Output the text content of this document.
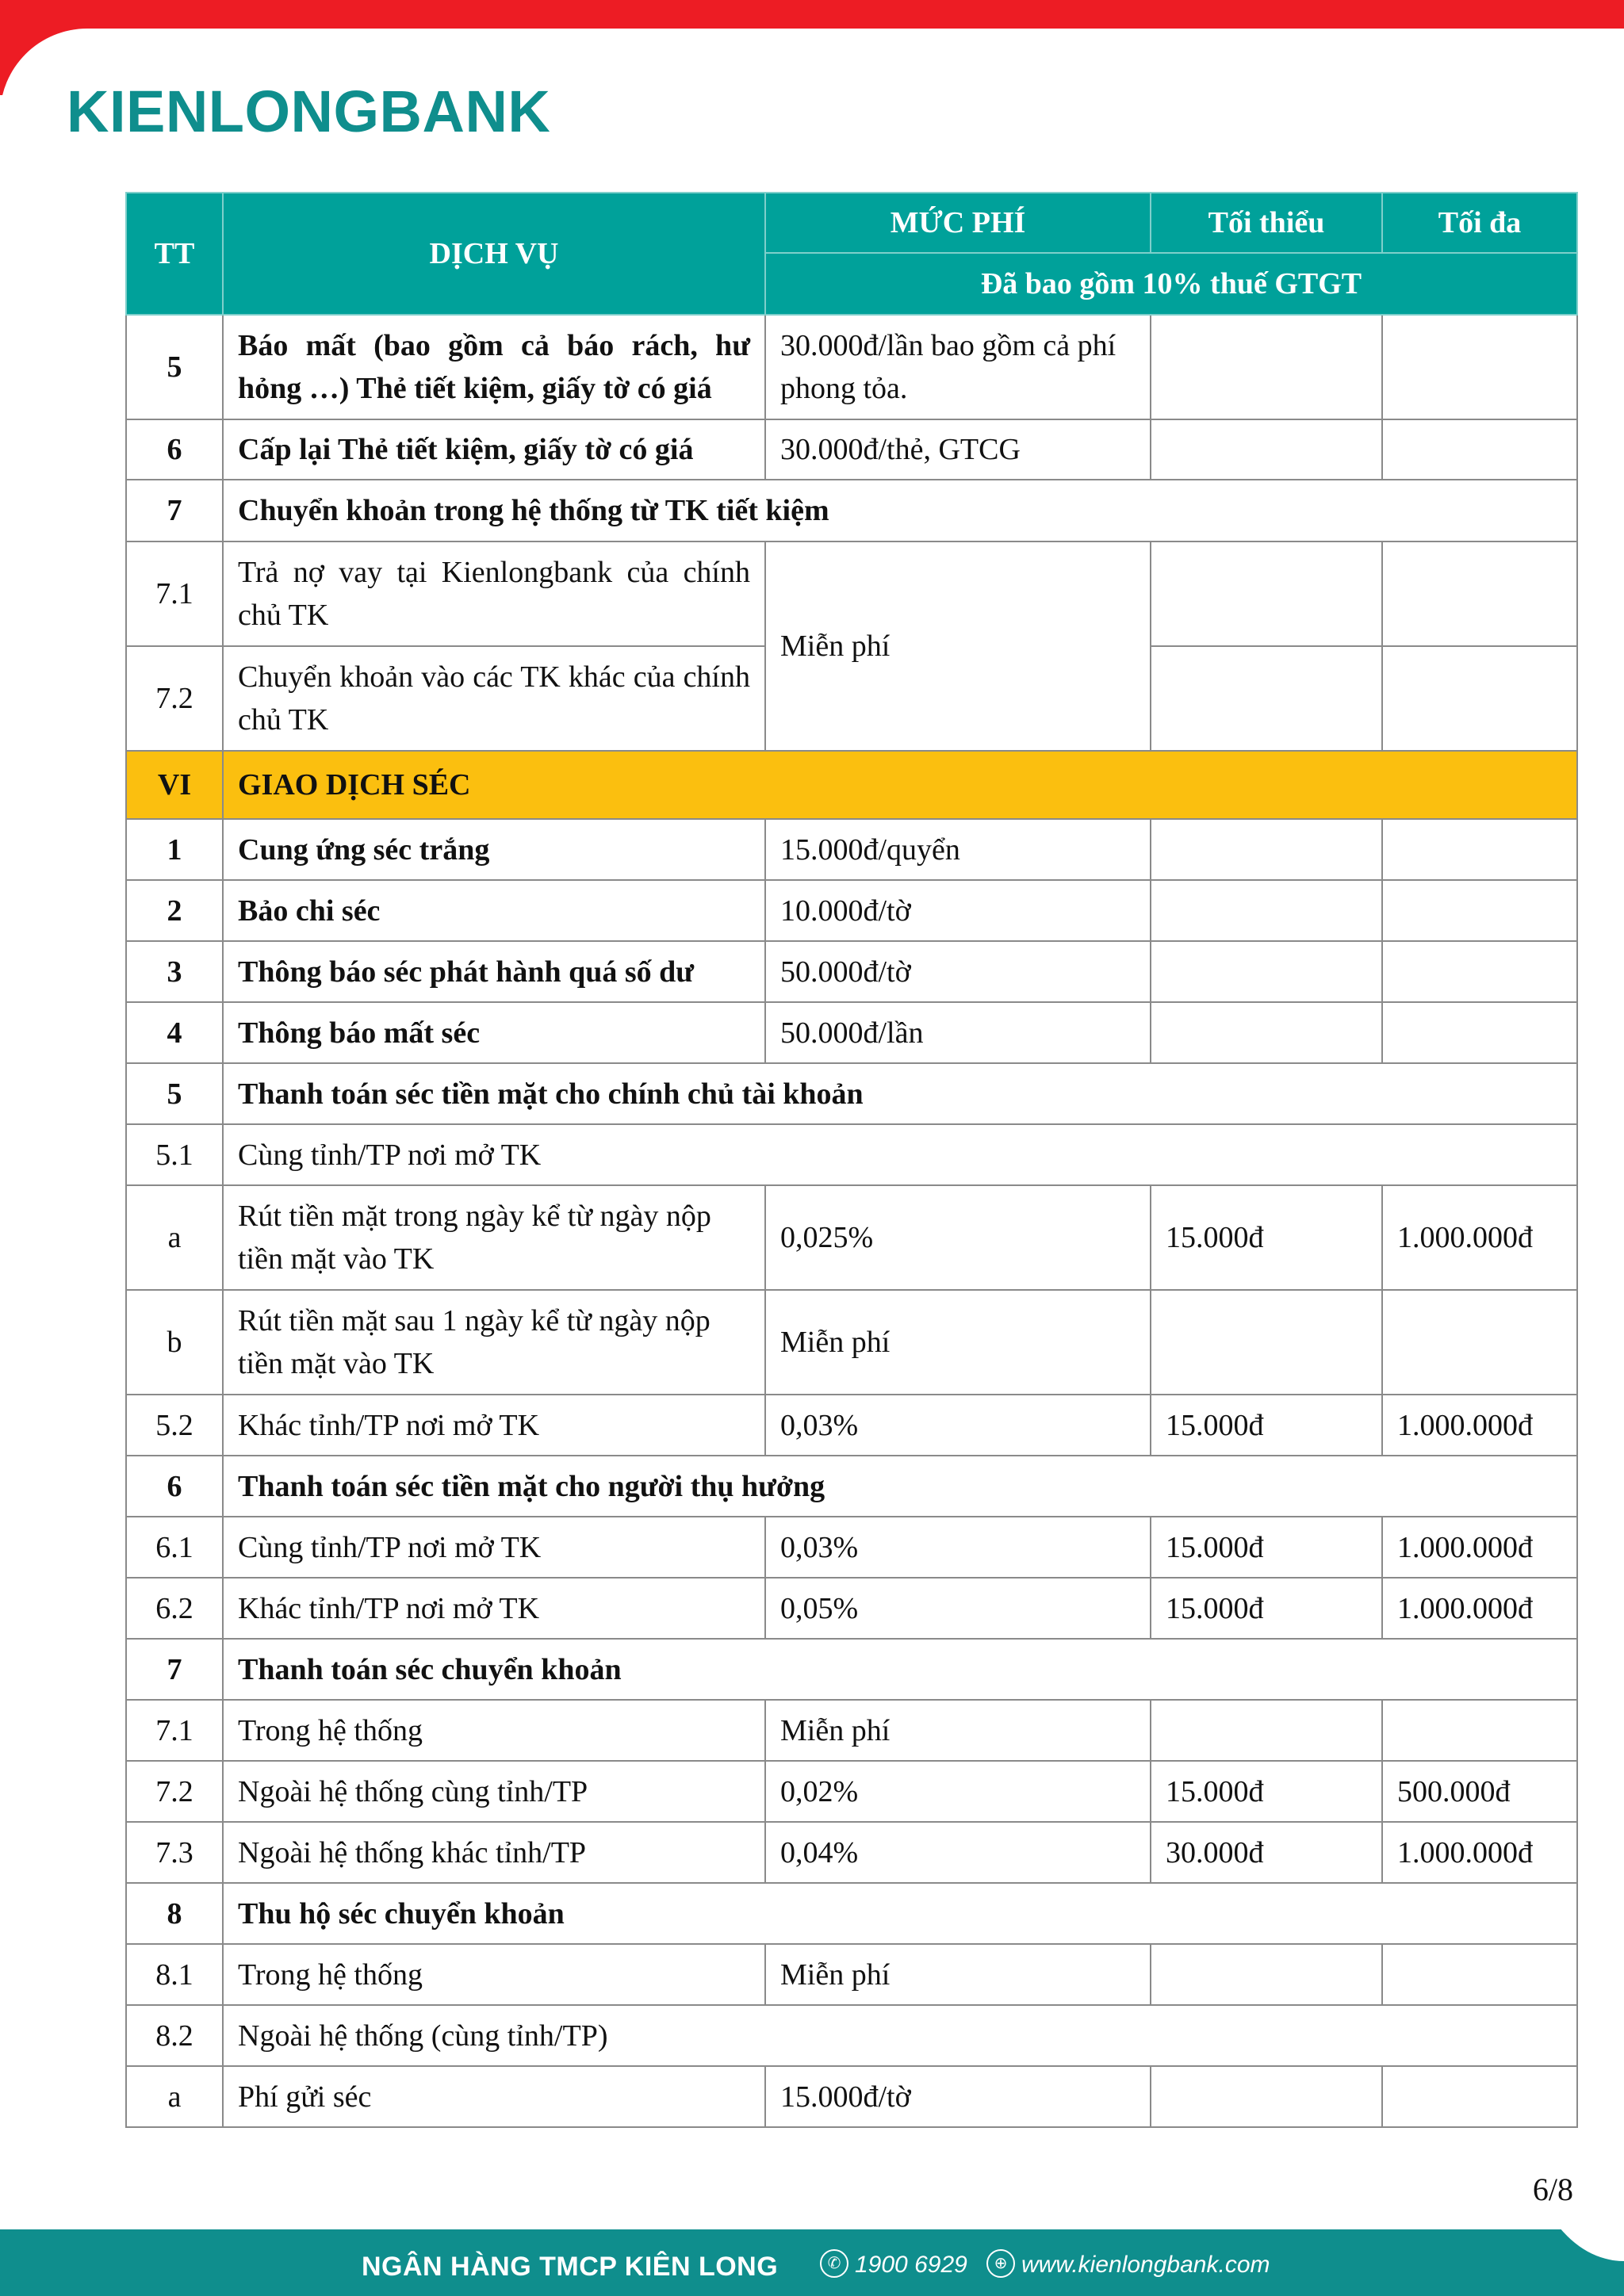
KIENLONGBANK
TT	DỊCH VỤ	MỨC PHÍ	Tối thiểu	Tối đa
		Đã bao gồm 10% thuế GTGT		
5	Báo mất (bao gồm cả báo rách, hư hỏng …) Thẻ tiết kiệm, giấy tờ có giá	30.000đ/lần bao gồm cả phí phong tỏa.		
6	Cấp lại Thẻ tiết kiệm, giấy tờ có giá	30.000đ/thẻ, GTCG		
7	Chuyển khoản trong hệ thống từ TK tiết kiệm			
7.1	Trả nợ vay tại Kienlongbank của chính chủ TK	Miễn phí		
7.2	Chuyển khoản vào các TK khác của chính chủ TK			
VI	GIAO DỊCH SÉC			
1	Cung ứng séc trắng	15.000đ/quyển		
2	Bảo chi séc	10.000đ/tờ		
3	Thông báo séc phát hành quá số dư	50.000đ/tờ		
4	Thông báo mất séc	50.000đ/lần		
5	Thanh toán séc tiền mặt cho chính chủ tài khoản			
5.1	Cùng tỉnh/TP nơi mở TK			
a	Rút tiền mặt trong ngày kể từ ngày nộp tiền mặt vào TK	0,025%	15.000đ	1.000.000đ
b	Rút tiền mặt sau 1 ngày kể từ ngày nộp tiền mặt vào TK	Miễn phí		
5.2	Khác tỉnh/TP nơi mở TK	0,03%	15.000đ	1.000.000đ
6	Thanh toán séc tiền mặt cho người thụ hưởng			
6.1	Cùng tỉnh/TP nơi mở TK	0,03%	15.000đ	1.000.000đ
6.2	Khác tỉnh/TP nơi mở TK	0,05%	15.000đ	1.000.000đ
7	Thanh toán séc chuyển khoản			
7.1	Trong hệ thống	Miễn phí		
7.2	Ngoài hệ thống cùng tỉnh/TP	0,02%	15.000đ	500.000đ
7.3	Ngoài hệ thống khác tỉnh/TP	0,04%	30.000đ	1.000.000đ
8	Thu hộ séc chuyển khoản			
8.1	Trong hệ thống	Miễn phí		
8.2	Ngoài hệ thống (cùng tỉnh/TP)			
a	Phí gửi séc	15.000đ/tờ		
6/8
NGÂN HÀNG TMCP KIÊN LONG	✆ 1900 6929	⊕ www.kienlongbank.com
